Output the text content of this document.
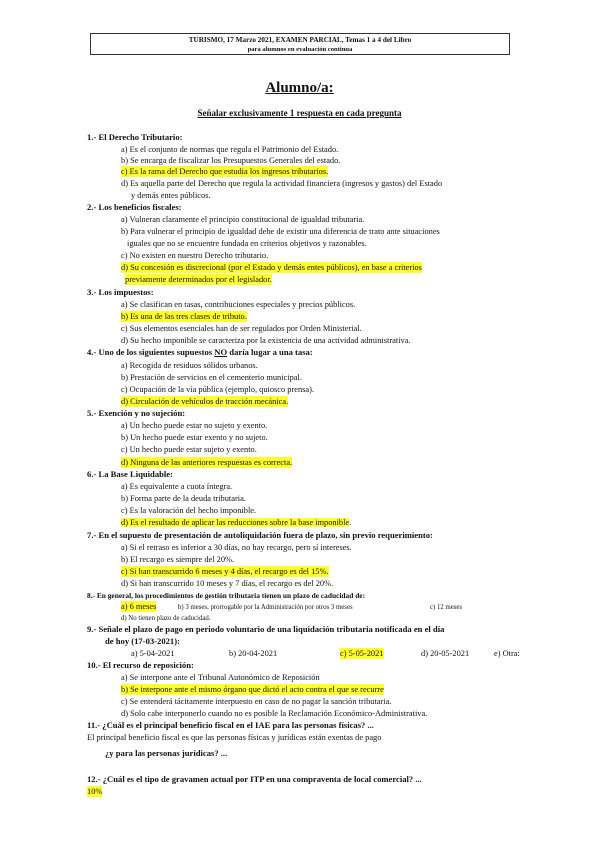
TURISMO, 17 Marzo 2021, EXAMEN PARCIAL, Temas 1 a 4 del Libro
para alumnos en evaluación continua
Alumno/a:
Señalar exclusivamente 1 respuesta en cada pregunta
1.- El Derecho Tributario:
a) Es el conjunto de normas que regula el Patrimonio del Estado.
b) Se encarga de fiscalizar los Presupuestos Generales del estado.
c) Es la rama del Derecho que estudia los ingresos tributarios.
d) Es aquella parte del Derecho que regula la actividad financiera (ingresos y gastos) del Estado
y demás entes públicos.
2.- Los beneficios fiscales:
a) Vulneran claramente el principio constitucional de igualdad tributaria.
b) Para vulnerar el principio de igualdad debe de existir una diferencia de trato ante situaciones
iguales que no se encuentre fundada en criterios objetivos y razonables.
c) No existen en nuestro Derecho tributario.
d) Su concesión es discrecional (por el Estado y demás entes públicos), en base a criterios
previamente determinados por el legislador.
3.- Los impuestos:
a) Se clasifican en tasas, contribuciones especiales y precios públicos.
b) Es una de las tres clases de tributo.
c) Sus elementos esenciales han de ser regulados por Orden Ministerial.
d) Su hecho imponible se caracteriza por la existencia de una actividad administrativa.
4.- Uno de los siguientes supuestos NO daría lugar a una tasa:
a) Recogida de residuos sólidos urbanos.
b) Prestación de servicios en el cementerio municipal.
c) Ocupación de la vía pública (ejemplo, quiosco prensa).
d) Circulación de vehículos de tracción mecánica.
5.- Exención y no sujeción:
a) Un hecho puede estar no sujeto y exento.
b) Un hecho puede estar exento y no sujeto.
c) Un hecho puede estar sujeto y exento.
d) Ninguna de las anteriores respuestas es correcta.
6.- La Base Liquidable:
a) Es equivalente a cuota íntegra.
b) Forma parte de la deuda tributaria.
c) Es la valoración del hecho imponible.
d) Es el resultado de aplicar las reducciones sobre la base imponible.
7.- En el supuesto de presentación de autoliquidación fuera de plazo, sin previo requerimiento:
a) Si el retraso es inferior a 30 días, no hay recargo, pero sí intereses.
b) El recargo es siempre del 20%.
c) Si han transcurrido 6 meses y 4 días, el recargo es del 15%.
d) Si han transcurrido 10 meses y 7 días, el recargo es del 20%.
8.- En general, los procedimientos de gestión tributaria tienen un plazo de caducidad de:
a) 6 meses	b) 3 meses, prorrogable por la Administración por otros 3 meses	c) 12 meses
d) No tienen plazo de caducidad.
9.- Señale el plazo de pago en periodo voluntario de una liquidación tributaria notificada en el día
de hoy (17-03-2021):
a) 5-04-2021	b) 20-04-2021	c) 5-05-2021	d) 20-05-2021	e) Otra:
10.- El recurso de reposición:
a) Se interpone ante el Tribunal Autonómico de Reposición
b) Se interpone ante el mismo órgano que dictó el acto contra el que se recurre
c) Se entenderá tácitamente interpuesto en caso de no pagar la sanción tributaria.
d) Solo cabe interponerlo cuando no es posible la Reclamación Económico-Administrativa.
11.- ¿Cuál es el principal beneficio fiscal en el IAE para las personas físicas? ...
El principal beneficio fiscal es que las personas físicas y jurídicas están exentas de pago
¿y para las personas jurídicas? ...
12.- ¿Cuál es el tipo de gravamen actual por ITP en una compraventa de local comercial? ...
10%
